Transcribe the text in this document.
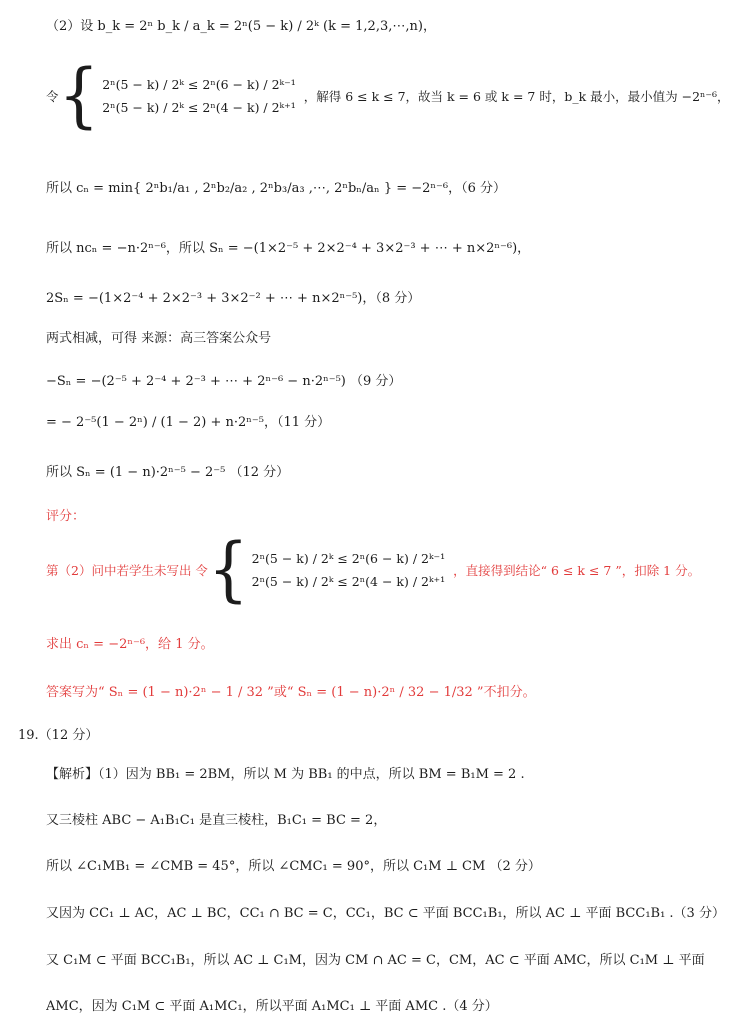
（2）设 b_k = 2ⁿ b_k / a_k = 2ⁿ(5 − k) / 2ᵏ (k = 1,2,3,⋯,n)，
令 { 2ⁿ(5 − k) / 2ᵏ ≤ 2ⁿ(6 − k) / 2ᵏ⁻¹
2ⁿ(5 − k) / 2ᵏ ≤ 2ⁿ(4 − k) / 2ᵏ⁺¹
，解得 6 ≤ k ≤ 7，故当 k = 6 或 k = 7 时，b_k 最小，最小值为 −2ⁿ⁻⁶，
所以 cₙ = min{ 2ⁿb₁/a₁ , 2ⁿb₂/a₂ , 2ⁿb₃/a₃ ,⋯, 2ⁿbₙ/aₙ } = −2ⁿ⁻⁶，（6 分）
所以 ncₙ = −n·2ⁿ⁻⁶，所以 Sₙ = −(1×2⁻⁵ + 2×2⁻⁴ + 3×2⁻³ + ⋯ + n×2ⁿ⁻⁶)，
2Sₙ = −(1×2⁻⁴ + 2×2⁻³ + 3×2⁻² + ⋯ + n×2ⁿ⁻⁵)，（8 分）
两式相减，可得 来源：高三答案公众号
−Sₙ = −(2⁻⁵ + 2⁻⁴ + 2⁻³ + ⋯ + 2ⁿ⁻⁶ − n·2ⁿ⁻⁵) （9 分）
= − 2⁻⁵(1 − 2ⁿ) / (1 − 2) + n·2ⁿ⁻⁵，（11 分）
所以 Sₙ = (1 − n)·2ⁿ⁻⁵ − 2⁻⁵ （12 分）
评分：
第（2）问中若学生未写出 令 { 2ⁿ(5 − k) / 2ᵏ ≤ 2ⁿ(6 − k) / 2ᵏ⁻¹
2ⁿ(5 − k) / 2ᵏ ≤ 2ⁿ(4 − k) / 2ᵏ⁺¹
，直接得到结论“ 6 ≤ k ≤ 7 ”，扣除 1 分。
求出 cₙ = −2ⁿ⁻⁶，给 1 分。
答案写为“ Sₙ = (1 − n)·2ⁿ − 1 / 32 ”或“ Sₙ = (1 − n)·2ⁿ / 32 − 1/32 ”不扣分。
19.（12 分）
【解析】（1）因为 BB₁ = 2BM，所以 M 为 BB₁ 的中点，所以 BM = B₁M = 2 .
又三棱柱 ABC − A₁B₁C₁ 是直三棱柱，B₁C₁ = BC = 2，
所以 ∠C₁MB₁ = ∠CMB = 45°，所以 ∠CMC₁ = 90°，所以 C₁M ⊥ CM （2 分）
又因为 CC₁ ⊥ AC，AC ⊥ BC，CC₁ ∩ BC = C，CC₁，BC ⊂ 平面 BCC₁B₁，所以 AC ⊥ 平面 BCC₁B₁ .（3 分）
又 C₁M ⊂ 平面 BCC₁B₁，所以 AC ⊥ C₁M，因为 CM ∩ AC = C，CM，AC ⊂ 平面 AMC，所以 C₁M ⊥ 平面
AMC，因为 C₁M ⊂ 平面 A₁MC₁，所以平面 A₁MC₁ ⊥ 平面 AMC .（4 分）
